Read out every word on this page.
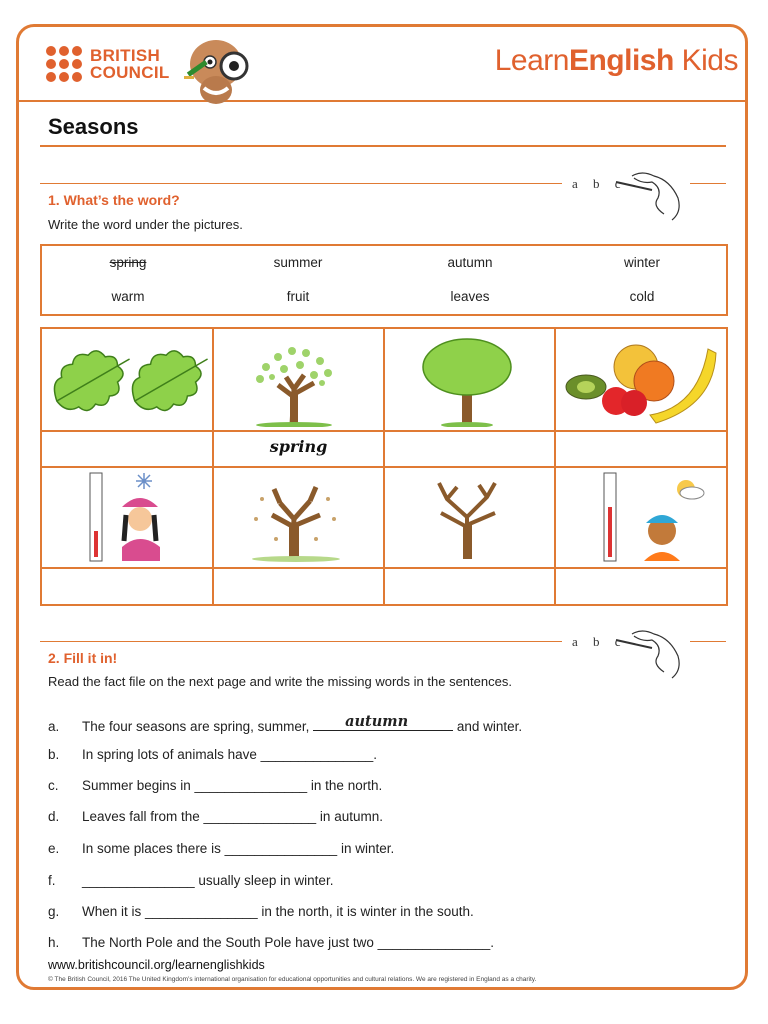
BRITISH
COUNCIL	LearnEnglish Kids
Seasons
a b c
1. What’s the word?
Write the word under the pictures.
spring	summer	autumn	winter
warm	fruit	leaves	cold
spring
a b c
2. Fill it in!
Read the fact file on the next page and write the missing words in the sentences.
a. The four seasons are spring, summer, autumn	and winter.
b. In spring lots of animals have _______________.
c. Summer begins in _______________ in the north.
d. Leaves fall from the _______________ in autumn.
e. In some places there is _______________ in winter.
f. _______________ usually sleep in winter.
g. When it is _______________ in the north, it is winter in the south.
h. The North Pole and the South Pole have just two _______________.
www.britishcouncil.org/learnenglishkids
© The British Council, 2016 The United Kingdom’s international organisation for educational opportunities and cultural relations. We are registered in England as a charity.
